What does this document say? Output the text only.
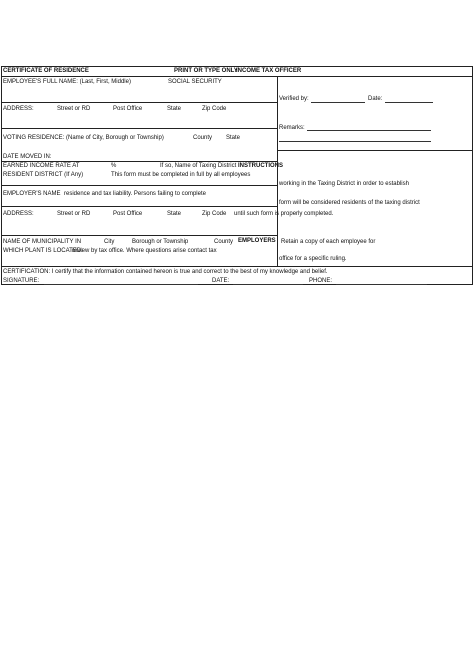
CERTIFICATE OF RESIDENCE	PRINT OR TYPE ONLY
INCOME TAX OFFICER
EMPLOYEE'S FULL NAME: (Last, First, Middle)	SOCIAL SECURITY
ADDRESS:	Street or RD	Post Office	State	Zip Code
VOTING RESIDENCE: (Name of City, Borough or Township)	County State
DATE MOVED IN:
EARNED INCOME RATE AT	%	If so, Name of Taxing District INSTRUCTIONS
RESIDENT DISTRICT (If Any)	This form must be completed in full by all employees
EMPLOYER'S NAME residence and tax liability. Persons failing to complete
ADDRESS:	Street or RD	Post Office	State	Zip Code
NAME OF MUNICIPALITY IN	City	Borough or Township	County EMPLOYERS
WHICH PLANT IS LOCATED:
review by tax office. Where questions arise contact tax
Verified by:	Date:
Remarks:
working in the Taxing District in order to establish
form will be considered residents of the taxing district
until such form is properly completed.
Retain a copy of each employee for
office for a specific ruling.
CERTIFICATION: I certify that the information contained hereon is true and correct to the best of my knowledge and belief.
SIGNATURE:	DATE:	PHONE:
